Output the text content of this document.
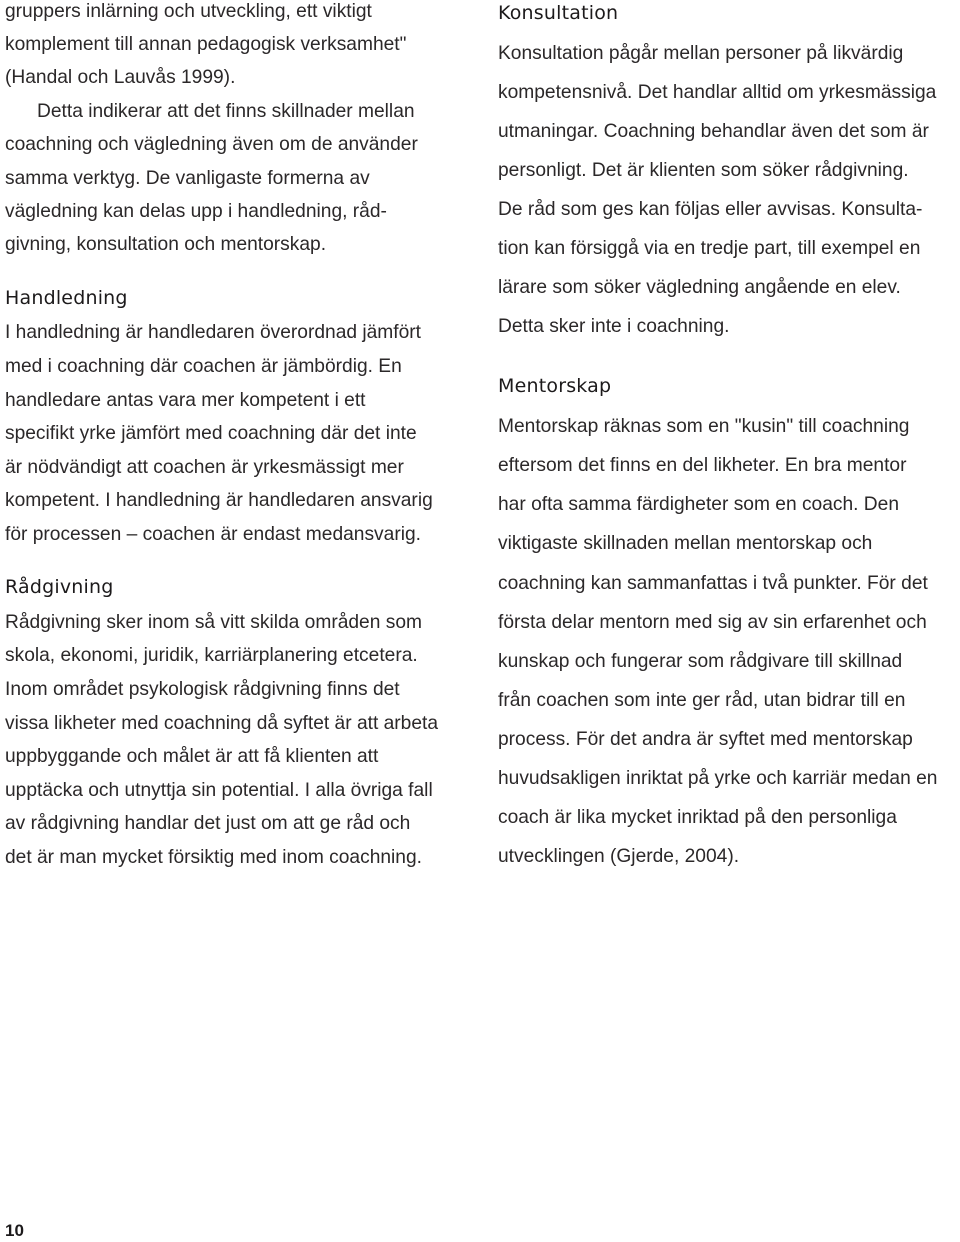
gruppers inlärning och utveckling, ett viktigt
komplement till annan pedagogisk verksamhet"
(Handal och Lauvås 1999).
Detta indikerar att det finns skillnader mellan
coachning och vägledning även om de använder
samma verktyg. De vanligaste formerna av
vägledning kan delas upp i handledning, råd-
givning, konsultation och mentorskap.
Handledning
I handledning är handledaren överordnad jämfört
med i coachning där coachen är jämbördig. En
handledare antas vara mer kompetent i ett
specifikt yrke jämfört med coachning där det inte
är nödvändigt att coachen är yrkesmässigt mer
kompetent. I handledning är handledaren ansvarig
för processen – coachen är endast medansvarig.
Rådgivning
Rådgivning sker inom så vitt skilda områden som
skola, ekonomi, juridik, karriärplanering etcetera.
Inom området psykologisk rådgivning finns det
vissa likheter med coachning då syftet är att arbeta
uppbyggande och målet är att få klienten att
upptäcka och utnyttja sin potential. I alla övriga fall
av rådgivning handlar det just om att ge råd och
det är man mycket försiktig med inom coachning.
Konsultation
Konsultation pågår mellan personer på likvärdig
kompetensnivå. Det handlar alltid om yrkesmässiga
utmaningar. Coachning behandlar även det som är
personligt. Det är klienten som söker rådgivning.
De råd som ges kan följas eller avvisas. Konsulta-
tion kan försiggå via en tredje part, till exempel en
lärare som söker vägledning angående en elev.
Detta sker inte i coachning.
Mentorskap
Mentorskap räknas som en "kusin" till coachning
eftersom det finns en del likheter. En bra mentor
har ofta samma färdigheter som en coach. Den
viktigaste skillnaden mellan mentorskap och
coachning kan sammanfattas i två punkter. För det
första delar mentorn med sig av sin erfarenhet och
kunskap och fungerar som rådgivare till skillnad
från coachen som inte ger råd, utan bidrar till en
process. För det andra är syftet med mentorskap
huvudsakligen inriktat på yrke och karriär medan en
coach är lika mycket inriktad på den personliga
utvecklingen (Gjerde, 2004).
10
